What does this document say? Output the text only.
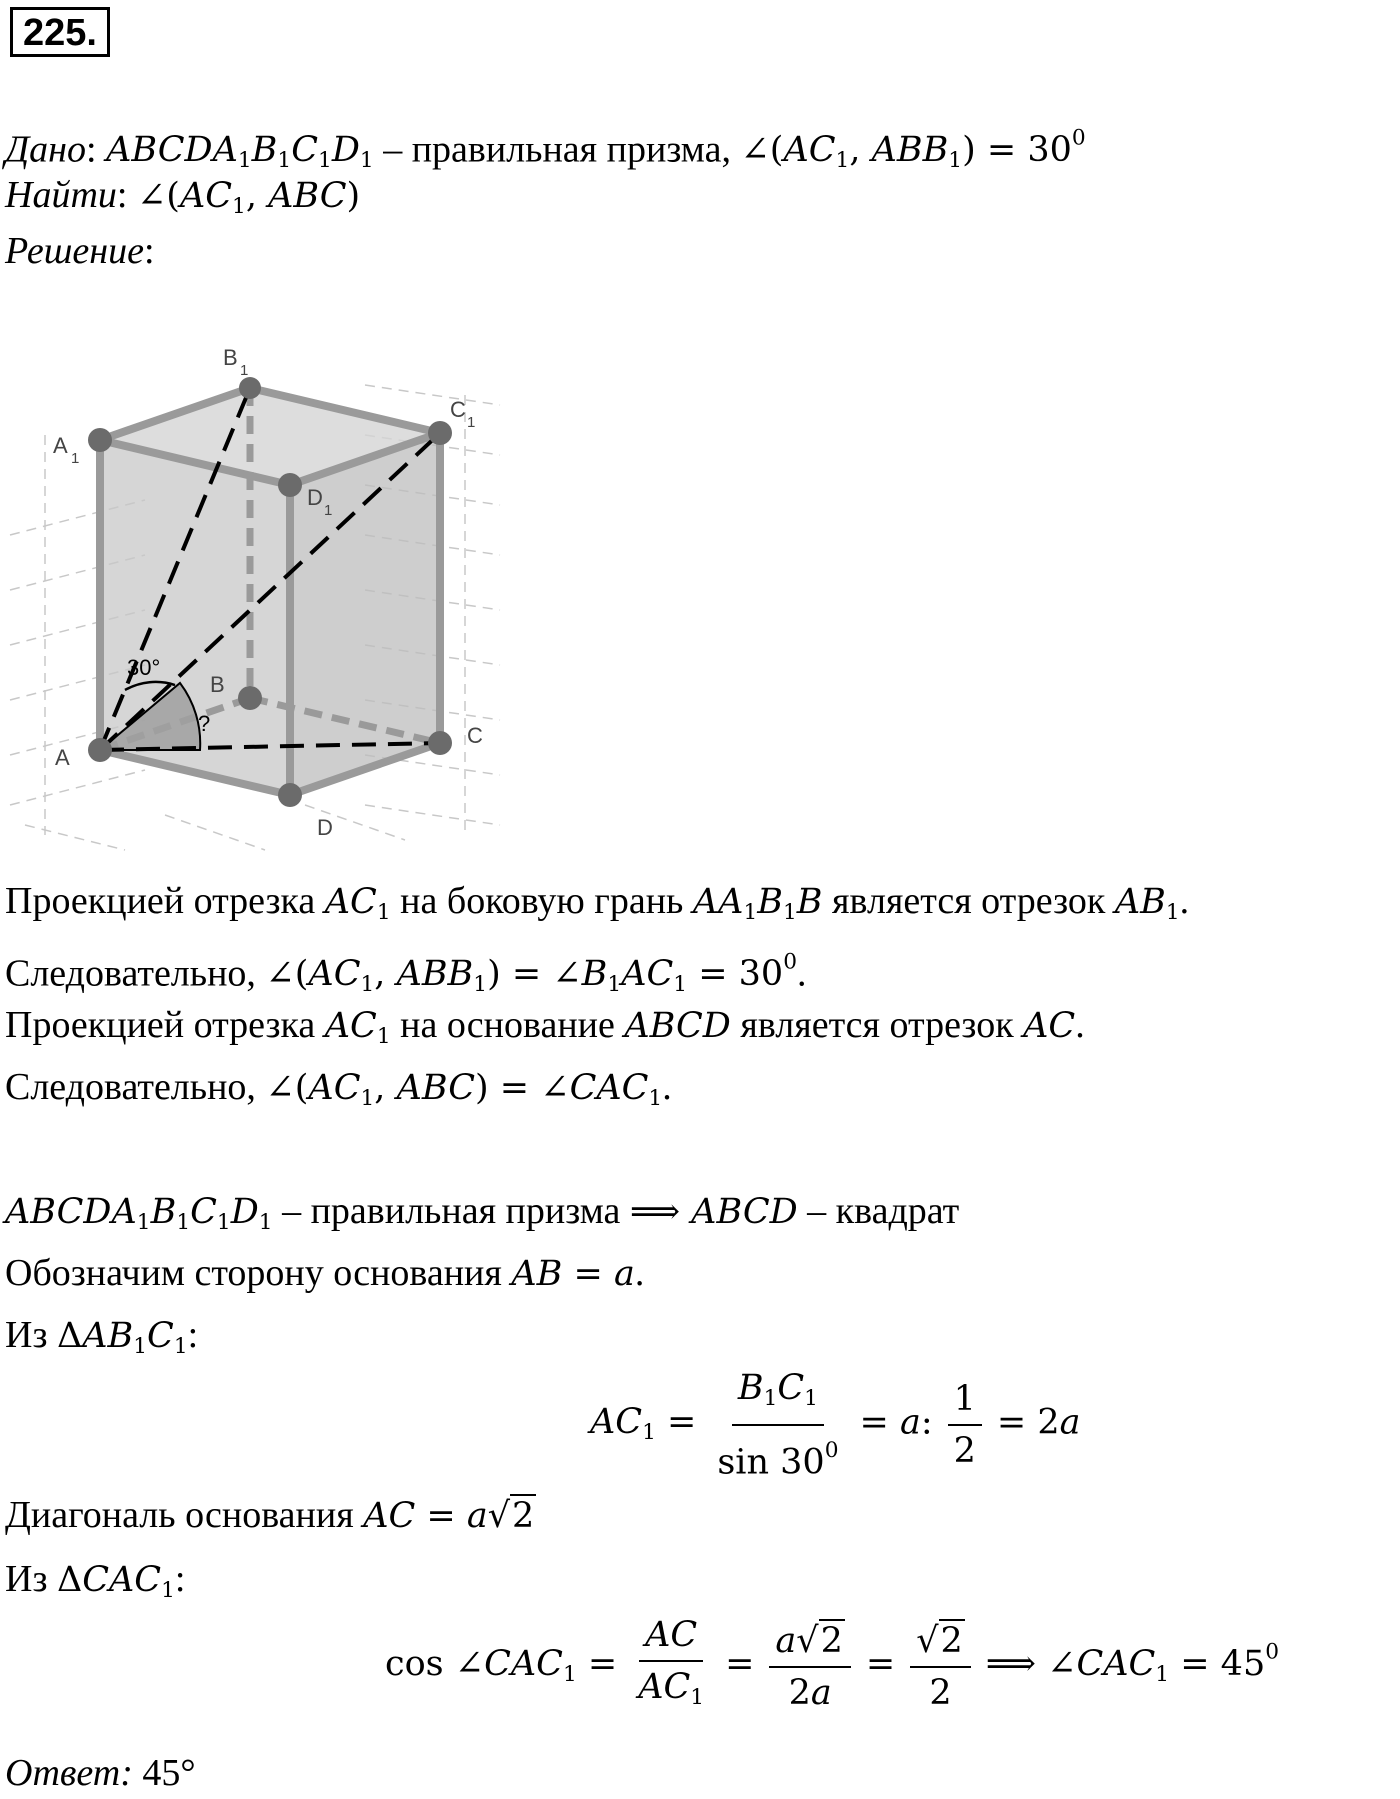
225.
Дано: $ABCDA_1B_1C_1D_1$ – правильная призма, $\angle(AC_1$, $ABB_1) = 30^0$
Найти: $\angle(AC_1$, ABC)
Решение:
A
B
C
D
A
1
B
1
C
1
D
1
30°
?
Проекцией отрезка $AC_1$ на боковую грань $AA_1B_1B$ является отрезок $AB_1$.
Следовательно, $\angle(AC_1$, $ABB_1$) = $\angle B_1AC_1 = 30^0$.
Проекцией отрезка $AC_1$ на основание ABCD является отрезок AC.
Следовательно, $\angle(AC_1$, $ABC) = \angle CAC_1$.
$ABCDA_1B_1C_1D_1$ – правильная призма ⟹ ABCD – квадрат
Обозначим сторону основания AB = a.
Из $\Delta AB_1C_1$:
$AC_1 = \frac{B_1C_1}{\sin 30^0} = a$: $\frac{1}{2} = 2a$
Диагональ основания AC = a√2
Из $\Delta CAC_1$:
$\cos \angle CAC_1 = \frac{AC}{AC_1} = \frac{a√2}{2a} = \frac{√2}{2}$ ⟹ $\angle CAC_1 = 45^0$
Ответ: 45°
